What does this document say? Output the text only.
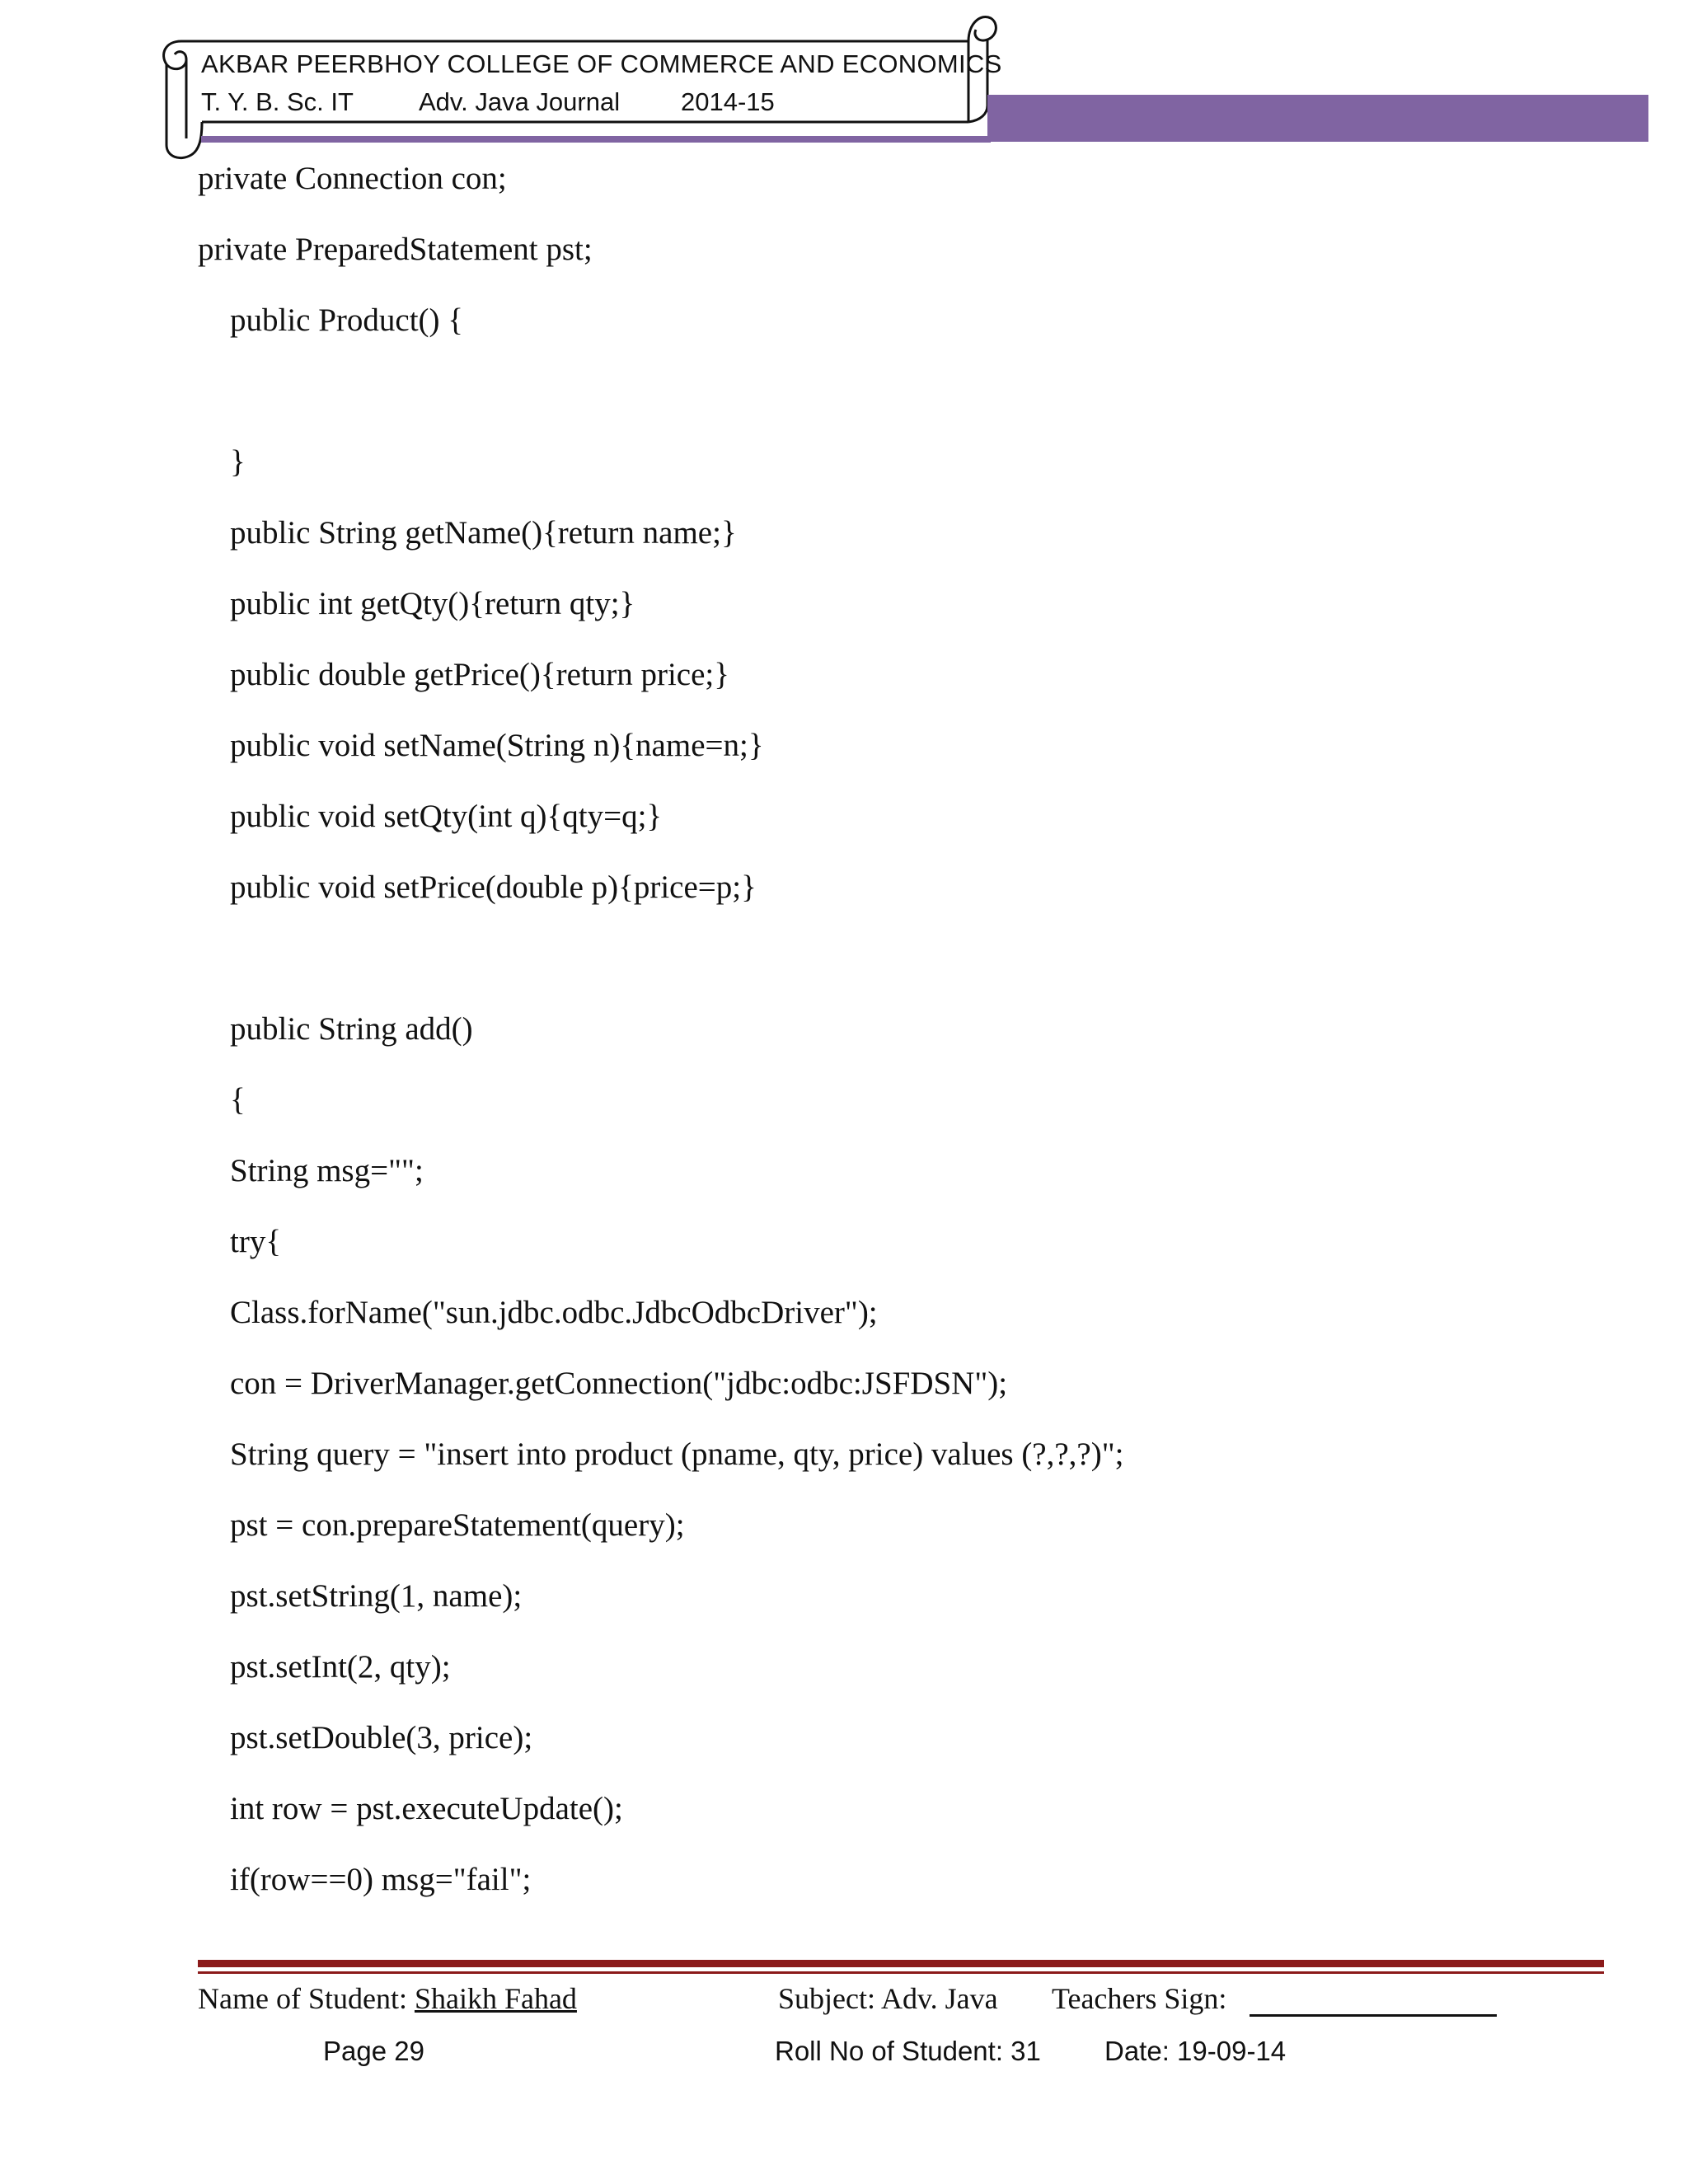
AKBAR PEERBHOY COLLEGE OF COMMERCE AND ECONOMICS
T. Y. B. Sc. IT	Adv. Java Journal 2014-15
private Connection con;
private PreparedStatement pst;
public Product() {
}
public String getName(){return name;}
public int getQty(){return qty;}
public double getPrice(){return price;}
public void setName(String n){name=n;}
public void setQty(int q){qty=q;}
public void setPrice(double p){price=p;}
public String add()
{
String msg="";
try{
Class.forName("sun.jdbc.odbc.JdbcOdbcDriver");
con = DriverManager.getConnection("jdbc:odbc:JSFDSN");
String query = "insert into product (pname, qty, price) values (?,?,?)";
pst = con.prepareStatement(query);
pst.setString(1, name);
pst.setInt(2, qty);
pst.setDouble(3, price);
int row = pst.executeUpdate();
if(row==0) msg="fail";
Name of Student: Shaikh Fahad	Subject: Adv. Java Teachers Sign:
Page 29	Roll No of Student: 31 Date: 19-09-14
